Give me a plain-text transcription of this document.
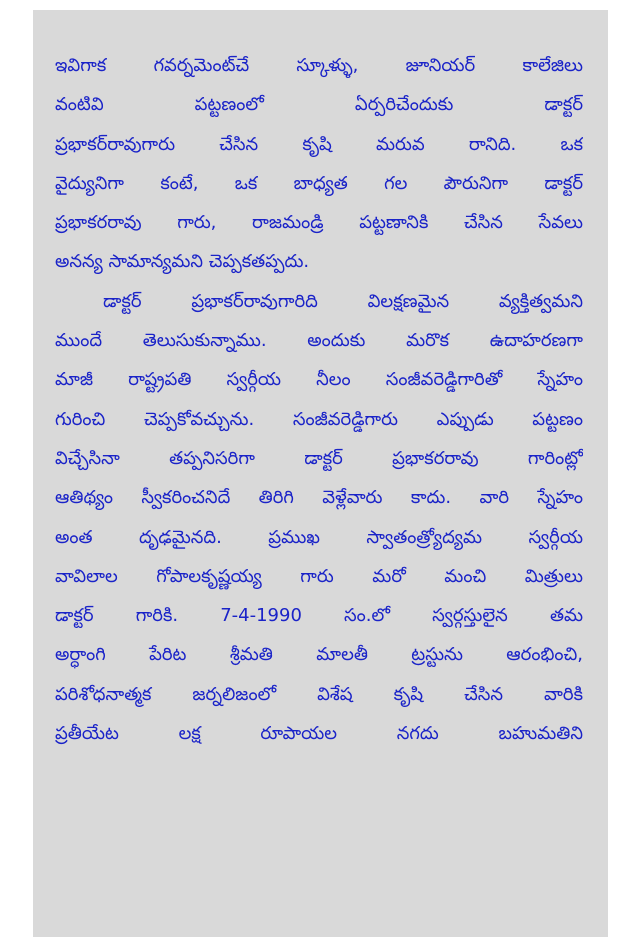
ఇవిగాక గవర్నమెంట్‌చే స్కూళ్ళు, జూనియర్ కాలేజిలు
వంటివి పట్టణంలో ఏర్పరిచేందుకు డాక్టర్
ప్రభాకర్‌రావుగారు చేసిన కృషి మరువ రానిది. ఒక
వైద్యునిగా కంటే, ఒక బాధ్యత గల పౌరునిగా డాక్టర్
ప్రభాకరరావు గారు, రాజమండ్రి పట్టణానికి చేసిన సేవలు
అనన్య సామాన్యమని చెప్పకతప్పదు.
డాక్టర్ ప్రభాకర్‌రావుగారిది విలక్షణమైన వ్యక్తిత్వమని
ముందే తెలుసుకున్నాము. అందుకు మరొక ఉదాహరణగా
మాజీ రాష్ట్రపతి స్వర్గీయ నీలం సంజీవరెడ్డిగారితో స్నేహం
గురించి చెప్పకోవచ్చును. సంజీవరెడ్డిగారు ఎప్పుడు పట్టణం
విచ్చేసినా తప్పనిసరిగా డాక్టర్ ప్రభాకరరావు గారింట్లో
ఆతిథ్యం స్వీకరించనిదే తిరిగి వెళ్లేవారు కాదు. వారి స్నేహం
అంత దృఢమైనది. ప్రముఖ స్వాతంత్ర్యోద్యమ స్వర్గీయ
వావిలాల గోపాలకృష్ణయ్య గారు మరో మంచి మిత్రులు
డాక్టర్ గారికి. 7-4-1990 సం.లో స్వర్గస్తులైన తమ
అర్ధాంగి పేరిట శ్రీమతి మాలతీ ట్రస్టును ఆరంభించి,
పరిశోధనాత్మక జర్నలిజంలో విశేష కృషి చేసిన వారికి
ప్రతీయేట లక్ష రూపాయల నగదు బహుమతిని
